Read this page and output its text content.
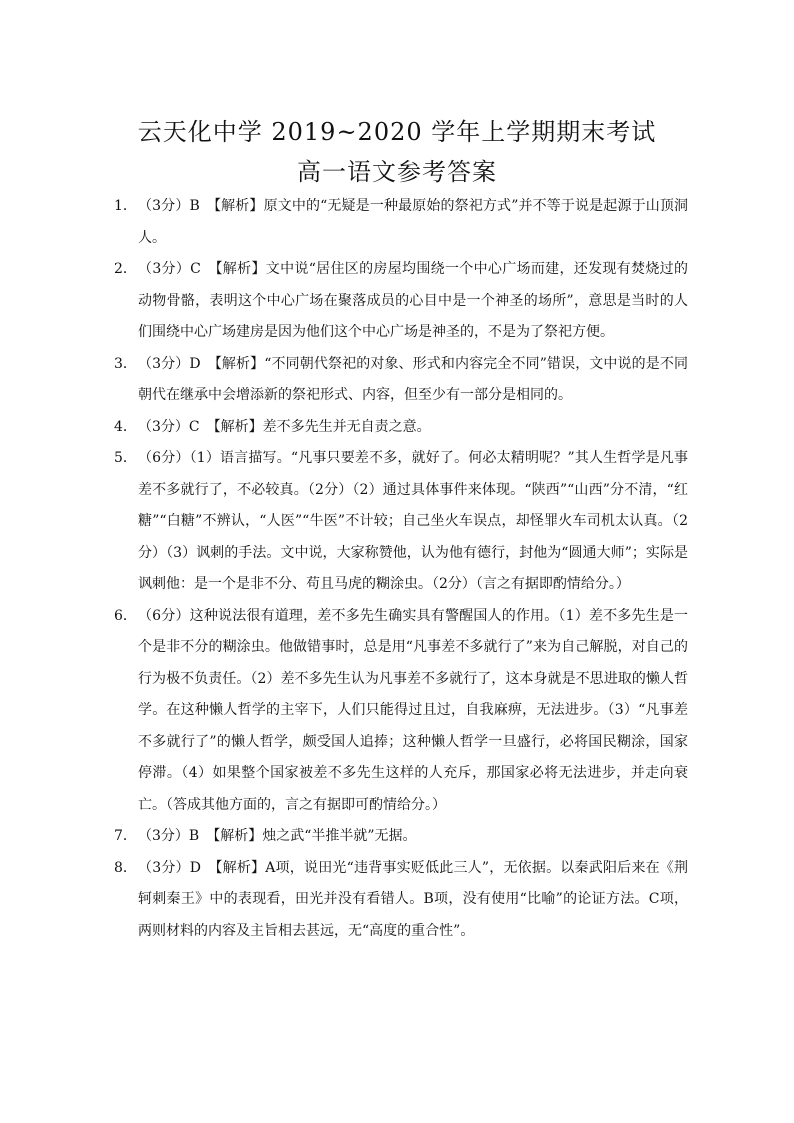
云天化中学 2019~2020 学年上学期期末考试
高一语文参考答案
1． （3分）B　【解析】原文中的“无疑是一种最原始的祭祀方式”并不等于说是起源于山顶洞人。
2． （3分）C　【解析】文中说“居住区的房屋均围绕一个中心广场而建，还发现有焚烧过的动物骨骼，表明这个中心广场在聚落成员的心目中是一个神圣的场所”，意思是当时的人们围绕中心广场建房是因为他们这个中心广场是神圣的，不是为了祭祀方便。
3． （3分）D　【解析】“不同朝代祭祀的对象、形式和内容完全不同”错误，文中说的是不同朝代在继承中会增添新的祭祀形式、内容，但至少有一部分是相同的。
4． （3分）C　【解析】差不多先生并无自责之意。
5． （6分）（1）语言描写。“凡事只要差不多，就好了。何必太精明呢？”其人生哲学是凡事差不多就行了，不必较真。（2分）（2）通过具体事件来体现。“陕西”“山西”分不清，“红糖”“白糖”不辨认，“人医”“牛医”不计较；自己坐火车误点，却怪罪火车司机太认真。（2分）（3）讽刺的手法。文中说，大家称赞他，认为他有德行，封他为“圆通大师”；实际是讽刺他：是一个是非不分、苟且马虎的糊涂虫。（2分）（言之有据即酌情给分。）
6． （6分）这种说法很有道理，差不多先生确实具有警醒国人的作用。（1）差不多先生是一个是非不分的糊涂虫。他做错事时，总是用“凡事差不多就行了”来为自己解脱，对自己的行为极不负责任。（2）差不多先生认为凡事差不多就行了，这本身就是不思进取的懒人哲学。在这种懒人哲学的主宰下，人们只能得过且过，自我麻痹，无法进步。（3）“凡事差不多就行了”的懒人哲学，颇受国人追捧；这种懒人哲学一旦盛行，必将国民糊涂，国家停滞。（4）如果整个国家被差不多先生这样的人充斥，那国家必将无法进步，并走向衰亡。（答成其他方面的，言之有据即可酌情给分。）
7． （3分）B　【解析】烛之武“半推半就”无据。
8． （3分）D　【解析】A项，说田光“违背事实贬低此三人”，无依据。以秦武阳后来在《荆轲刺秦王》中的表现看，田光并没有看错人。B项，没有使用“比喻”的论证方法。C项，两则材料的内容及主旨相去甚远，无“高度的重合性”。
